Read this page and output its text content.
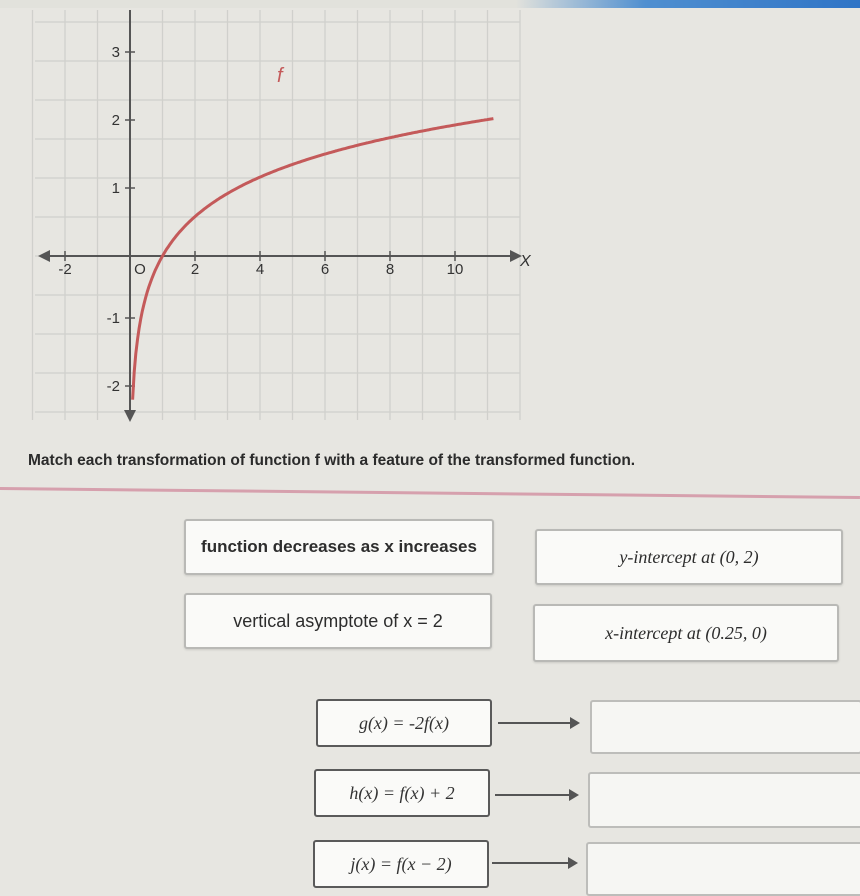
-2	O	2	4	6	8	10
3
2
1
-1
-2
f
X
Match each transformation of function f with a feature of the transformed function.
function decreases as x increases
vertical asymptote of x = 2
y-intercept at (0, 2)
x-intercept at (0.25, 0)
g(x) = -2f(x)
h(x) = f(x) + 2
j(x) = f(x − 2)
